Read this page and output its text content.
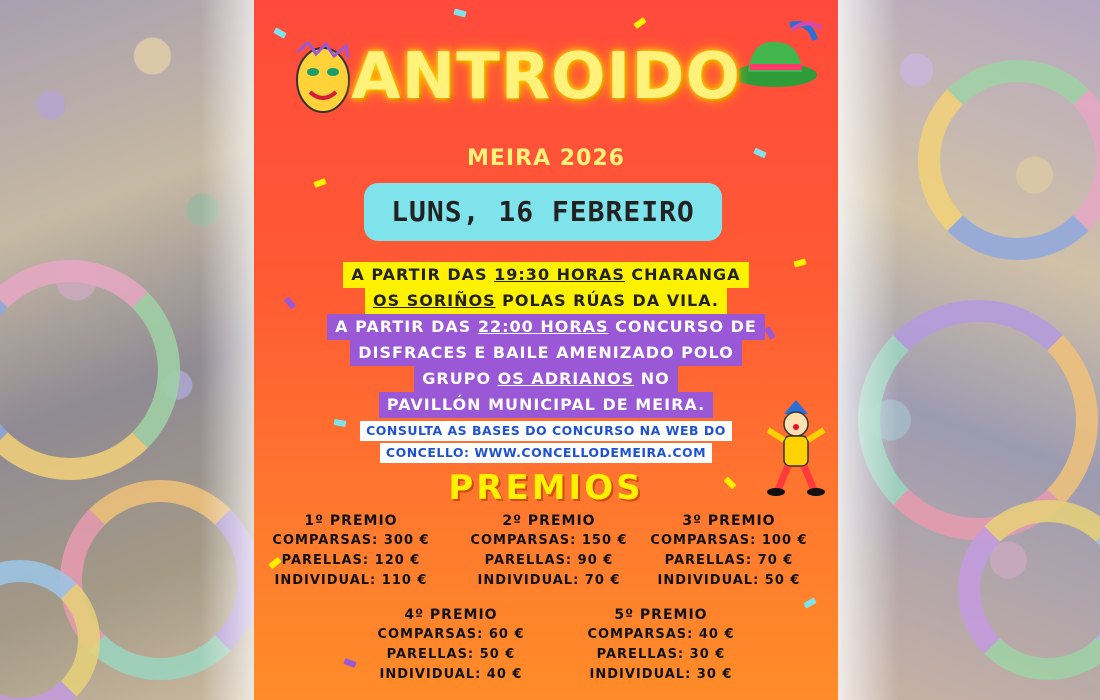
ANTROIDO
MEIRA 2026
LUNS, 16 FEBREIRO
A PARTIR DAS 19:30 HORAS CHARANGA
OS SORIÑOS POLAS RÚAS DA VILA.
A PARTIR DAS 22:00 HORAS CONCURSO DE
DISFRACES E BAILE AMENIZADO POLO
GRUPO OS ADRIANOS NO
PAVILLÓN MUNICIPAL DE MEIRA.
CONSULTA AS BASES DO CONCURSO NA WEB DO
CONCELLO: WWW.CONCELLODEMEIRA.COM
PREMIOS
1º PREMIO
COMPARSAS: 300 €
PARELLAS: 120 €
INDIVIDUAL: 110 €
2º PREMIO
COMPARSAS: 150 €
PARELLAS: 90 €
INDIVIDUAL: 70 €
3º PREMIO
COMPARSAS: 100 €
PARELLAS: 70 €
INDIVIDUAL: 50 €
4º PREMIO
COMPARSAS: 60 €
PARELLAS: 50 €
INDIVIDUAL: 40 €
5º PREMIO
COMPARSAS: 40 €
PARELLAS: 30 €
INDIVIDUAL: 30 €
